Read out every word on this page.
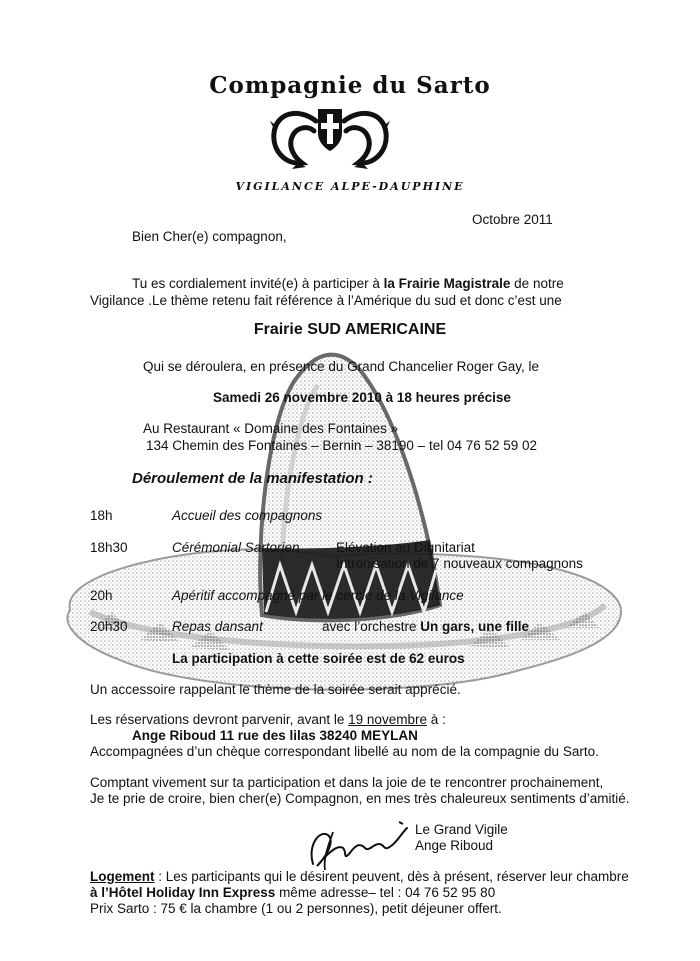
Compagnie du Sarto
VIGILANCE ALPE-DAUPHINE
Octobre 2011
Bien Cher(e) compagnon,
Tu es cordialement invité(e) à participer à la Frairie Magistrale de notre
Vigilance .Le thème retenu fait référence à l’Amérique du sud et donc c’est une
Frairie SUD AMERICAINE
Qui se déroulera, en présence du Grand Chancelier Roger Gay, le
Samedi 26 novembre 2010 à 18 heures précise
Au Restaurant « Domaine des Fontaines »
134 Chemin des Fontaines – Bernin – 38190 – tel 04 76 52 59 02
Déroulement de la manifestation :
18h	Accueil des compagnons
18h30	Cérémonial Sartorien	Elévation au Dignitariat
Intronisation de 7 nouveaux compagnons
20h	Apéritif accompagné par le cercle de la Vigilance
20h30	Repas dansant	avec l’orchestre Un gars, une fille
La participation à cette soirée est de 62 euros
Un accessoire rappelant le thème de la soirée serait apprécié.
Les réservations devront parvenir, avant le 19 novembre à :
Ange Riboud 11 rue des lilas 38240 MEYLAN
Accompagnées d’un chèque correspondant libellé au nom de la compagnie du Sarto.
Comptant vivement sur ta participation et dans la joie de te rencontrer prochainement,
Je te prie de croire, bien cher(e) Compagnon, en mes très chaleureux sentiments d’amitié.
Le Grand Vigile
Ange Riboud
Logement : Les participants qui le désirent peuvent, dès à présent, réserver leur chambre
à l’Hôtel Holiday Inn Express même adresse– tel : 04 76 52 95 80
Prix Sarto : 75 € la chambre (1 ou 2 personnes), petit déjeuner offert.
